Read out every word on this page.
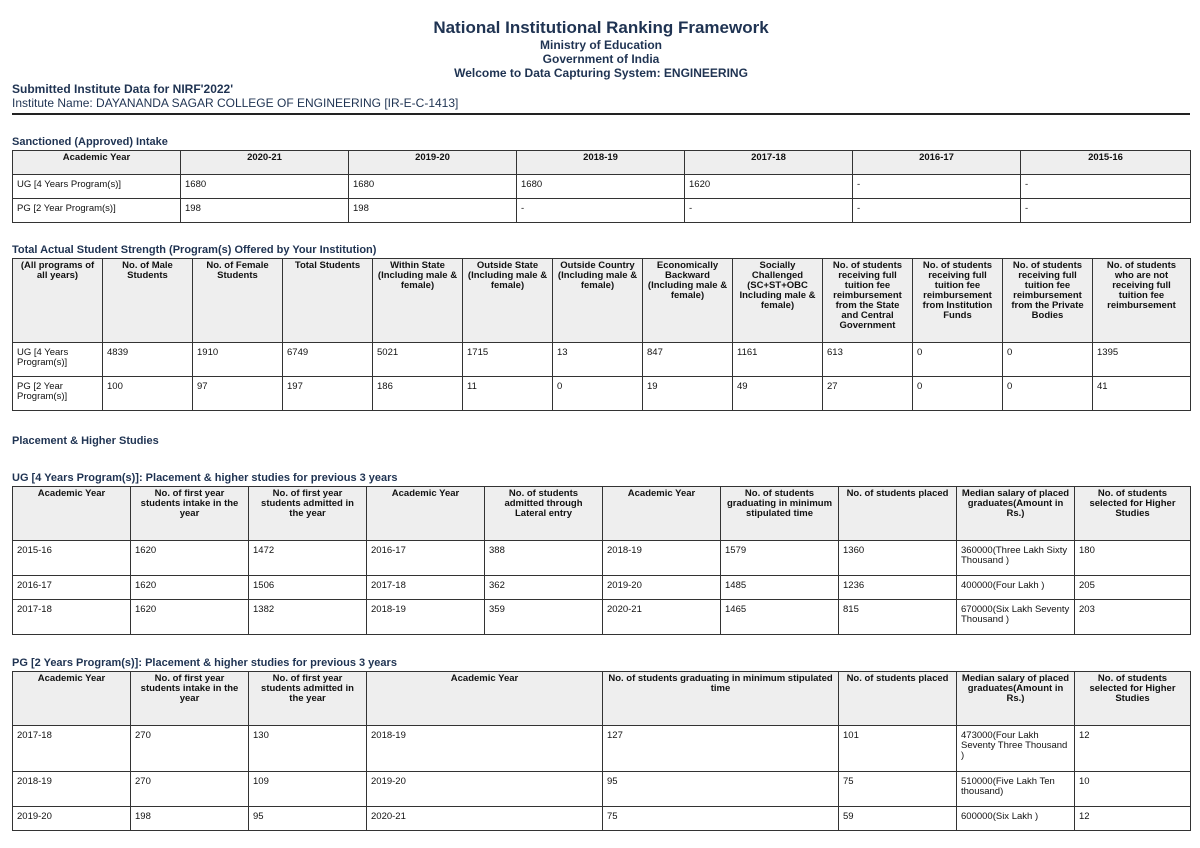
National Institutional Ranking Framework
Ministry of Education
Government of India
Welcome to Data Capturing System: ENGINEERING
Submitted Institute Data for NIRF'2022'
Institute Name: DAYANANDA SAGAR COLLEGE OF ENGINEERING [IR-E-C-1413]
Sanctioned (Approved) Intake
Academic Year	2020-21	2019-20	2018-19	2017-18	2016-17	2015-16
UG [4 Years Program(s)]	1680	1680	1680	1620	-	-
PG [2 Year Program(s)]	198	198	-	-	-	-
Total Actual Student Strength (Program(s) Offered by Your Institution)
(All programs of all years)	No. of Male Students	No. of Female Students	Total Students	Within State (Including male & female)	Outside State (Including male & female)	Outside Country (Including male & female)	Economically Backward (Including male & female)	Socially Challenged (SC+ST+OBC Including male & female)	No. of students receiving full tuition fee reimbursement from the State and Central Government	No. of students receiving full tuition fee reimbursement from Institution Funds	No. of students receiving full tuition fee reimbursement from the Private Bodies	No. of students who are not receiving full tuition fee reimbursement
UG [4 Years Program(s)]	4839	1910	6749	5021	1715	13	847	1161	613	0	0	1395
PG [2 Year Program(s)]	100	97	197	186	11	0	19	49	27	0	0	41
Placement & Higher Studies
UG [4 Years Program(s)]: Placement & higher studies for previous 3 years
Academic Year	No. of first year students intake in the year	No. of first year students admitted in the year	Academic Year	No. of students admitted through Lateral entry	Academic Year	No. of students graduating in minimum stipulated time	No. of students placed	Median salary of placed graduates(Amount in Rs.)	No. of students selected for Higher Studies
2015-16	1620	1472	2016-17	388	2018-19	1579	1360	360000(Three Lakh Sixty Thousand )	180
2016-17	1620	1506	2017-18	362	2019-20	1485	1236	400000(Four Lakh )	205
2017-18	1620	1382	2018-19	359	2020-21	1465	815	670000(Six Lakh Seventy Thousand )	203
PG [2 Years Program(s)]: Placement & higher studies for previous 3 years
Academic Year	No. of first year students intake in the year	No. of first year students admitted in the year	Academic Year	No. of students graduating in minimum stipulated time	No. of students placed	Median salary of placed graduates(Amount in Rs.)	No. of students selected for Higher Studies
2017-18	270	130	2018-19	127	101	473000(Four Lakh Seventy Three Thousand )	12
2018-19	270	109	2019-20	95	75	510000(Five Lakh Ten thousand)	10
2019-20	198	95	2020-21	75	59	600000(Six Lakh )	12
